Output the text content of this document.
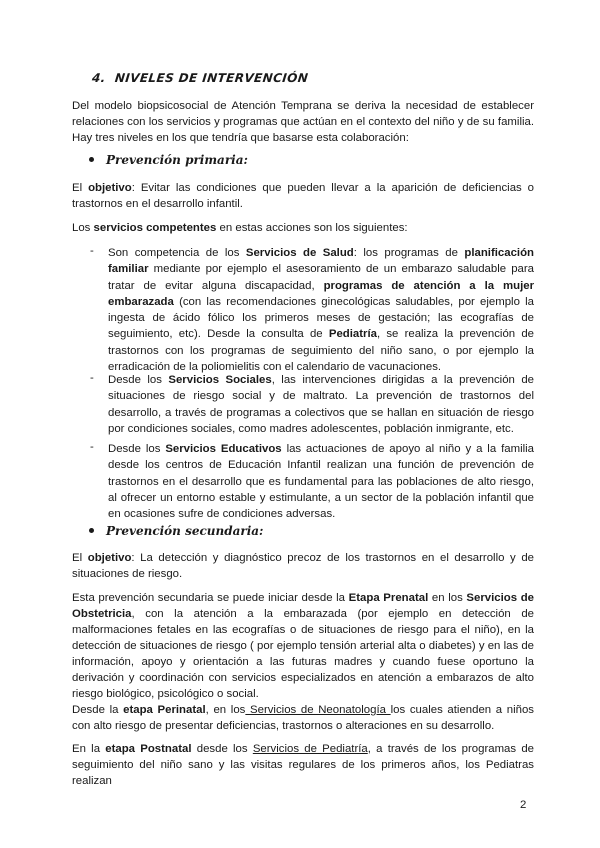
4. NIVELES DE INTERVENCIÓN

Del modelo biopsicosocial de Atención Temprana se deriva la necesidad de establecer relaciones con los servicios y programas que actúan en el contexto del niño y de su familia. Hay tres niveles en los que tendría que basarse esta colaboración:

Prevención primaria:

El objetivo: Evitar las condiciones que pueden llevar a la aparición de deficiencias o trastornos en el desarrollo infantil.

Los servicios competentes en estas acciones son los siguientes:

- Son competencia de los Servicios de Salud: los programas de planificación familiar mediante por ejemplo el asesoramiento de un embarazo saludable para tratar de evitar alguna discapacidad, programas de atención a la mujer embarazada (con las recomendaciones ginecológicas saludables, por ejemplo la ingesta de ácido fólico los primeros meses de gestación; las ecografías de seguimiento, etc). Desde la consulta de Pediatría, se realiza la prevención de trastornos con los programas de seguimiento del niño sano, o por ejemplo la erradicación de la poliomielitis con el calendario de vacunaciones.

- Desde los Servicios Sociales, las intervenciones dirigidas a la prevención de situaciones de riesgo social y de maltrato. La prevención de trastornos del desarrollo, a través de programas a colectivos que se hallan en situación de riesgo por condiciones sociales, como madres adolescentes, población inmigrante, etc.

- Desde los Servicios Educativos las actuaciones de apoyo al niño y a la familia desde los centros de Educación Infantil realizan una función de prevención de trastornos en el desarrollo que es fundamental para las poblaciones de alto riesgo, al ofrecer un entorno estable y estimulante, a un sector de la población infantil que en ocasiones sufre de condiciones adversas.

Prevención secundaria:

El objetivo: La detección y diagnóstico precoz de los trastornos en el desarrollo y de situaciones de riesgo.

Esta prevención secundaria se puede iniciar desde la Etapa Prenatal en los Servicios de Obstetricia, con la atención a la embarazada (por ejemplo en detección de malformaciones fetales en las ecografías o de situaciones de riesgo para el niño), en la detección de situaciones de riesgo ( por ejemplo tensión arterial alta o diabetes) y en las de información, apoyo y orientación a las futuras madres y cuando fuese oportuno la derivación y coordinación con servicios especializados en atención a embarazos de alto riesgo biológico, psicológico o social.

Desde la etapa Perinatal, en los Servicios de Neonatología los cuales atienden a niños con alto riesgo de presentar deficiencias, trastornos o alteraciones en su desarrollo.

En la etapa Postnatal desde los Servicios de Pediatría, a través de los programas de seguimiento del niño sano y las visitas regulares de los primeros años, los Pediatras realizan

2
